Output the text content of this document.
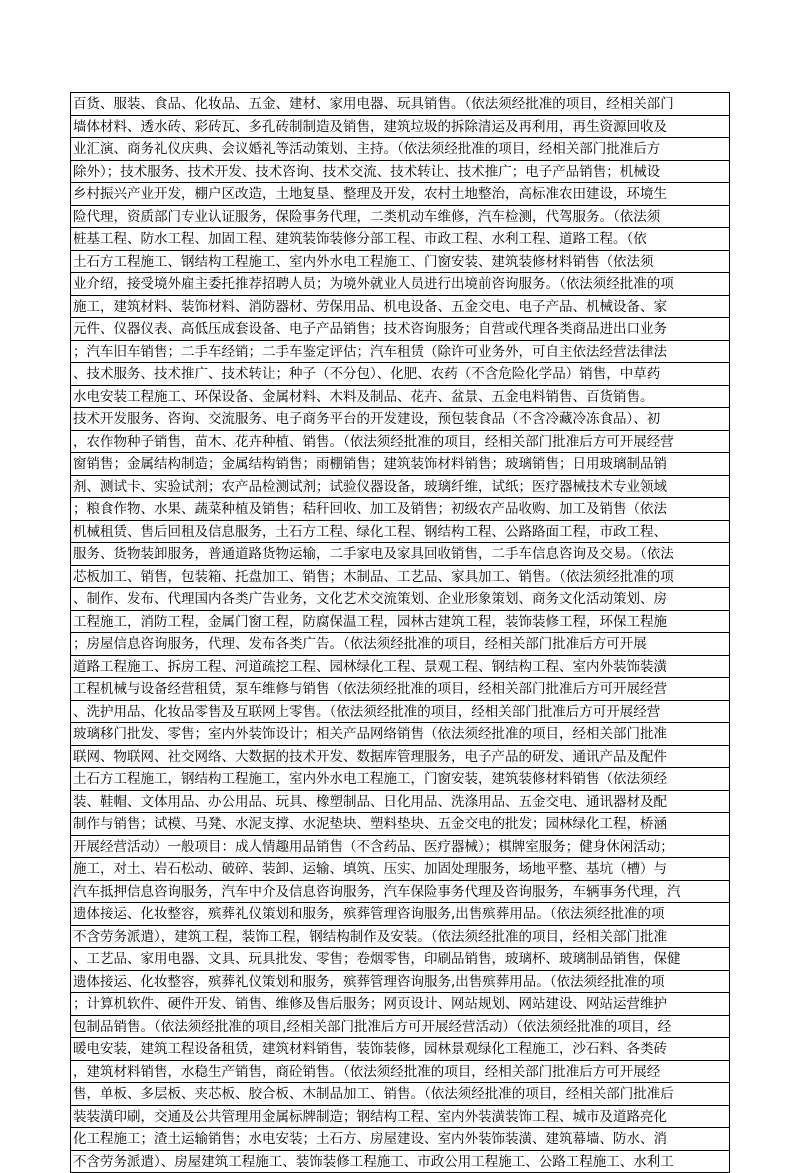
百货、服装、食品、化妆品、五金、建材、家用电器、玩具销售。（依法须经批准的项目，经相关部门
墙体材料、透水砖、彩砖瓦、多孔砖制制造及销售，建筑垃圾的拆除清运及再利用，再生资源回收及
业汇演、商务礼仪庆典、会议婚礼等活动策划、主持。（依法须经批准的项目，经相关部门批准后方
除外）；技术服务、技术开发、技术咨询、技术交流、技术转让、技术推广；电子产品销售；机械设
乡村振兴产业开发，棚户区改造，土地复垦、整理及开发，农村土地整治，高标准农田建设，环境生
险代理，资质部门专业认证服务，保险事务代理，二类机动车维修，汽车检测，代驾服务。（依法须
桩基工程、防水工程、加固工程、建筑装饰装修分部工程、市政工程、水利工程、道路工程。（依
土石方工程施工、钢结构工程施工、室内外水电工程施工、门窗安装、建筑装修材料销售（依法须
业介绍，接受境外雇主委托推荐招聘人员；为境外就业人员进行出境前咨询服务。（依法须经批准的项
施工，建筑材料、装饰材料、消防器材、劳保用品、机电设备、五金交电、电子产品、机械设备、家
元件、仪器仪表、高低压成套设备、电子产品销售；技术咨询服务；自营或代理各类商品进出口业务
；汽车旧车销售；二手车经销；二手车鉴定评估；汽车租赁（除许可业务外，可自主依法经营法律法
、技术服务、技术推广、技术转让；种子（不分包）、化肥、农药（不含危险化学品）销售，中草药
水电安装工程施工、环保设备、金属材料、木料及制品、花卉、盆景、五金电料销售、百货销售。
技术开发服务、咨询、交流服务、电子商务平台的开发建设，预包装食品（不含冷藏冷冻食品）、初
，农作物种子销售，苗木、花卉种植、销售。（依法须经批准的项目，经相关部门批准后方可开展经营
窗销售；金属结构制造；金属结构销售；雨棚销售；建筑装饰材料销售；玻璃销售；日用玻璃制品销
剂、测试卡、实验试剂；农产品检测试剂；试验仪器设备，玻璃纤维，试纸；医疗器械技术专业领域
；粮食作物、水果、蔬菜种植及销售；秸秆回收、加工及销售；初级农产品收购、加工及销售（依法
机械租赁、售后回租及信息服务，土石方工程、绿化工程、钢结构工程、公路路面工程，市政工程、
服务、货物装卸服务，普通道路货物运输，二手家电及家具回收销售，二手车信息咨询及交易。（依法
芯板加工、销售，包装箱、托盘加工、销售；木制品、工艺品、家具加工、销售。（依法须经批准的项
、制作、发布、代理国内各类广告业务，文化艺术交流策划、企业形象策划、商务文化活动策划、房
工程施工，消防工程，金属门窗工程，防腐保温工程，园林古建筑工程，装饰装修工程，环保工程施
；房屋信息咨询服务，代理、发布各类广告。（依法须经批准的项目，经相关部门批准后方可开展
道路工程施工、拆房工程、河道疏挖工程、园林绿化工程、景观工程、钢结构工程、室内外装饰装潢
工程机械与设备经营租赁，泵车维修与销售（依法须经批准的项目，经相关部门批准后方可开展经营
、洗护用品、化妆品零售及互联网上零售。（依法须经批准的项目，经相关部门批准后方可开展经营
玻璃移门批发、零售；室内外装饰设计；相关产品网络销售（依法须经批准的项目，经相关部门批准
联网、物联网、社交网络、大数据的技术开发、数据库管理服务，电子产品的研发、通讯产品及配件
土石方工程施工，钢结构工程施工，室内外水电工程施工，门窗安装，建筑装修材料销售（依法须经
装、鞋帽、文体用品、办公用品、玩具、橡塑制品、日化用品、洗涤用品、五金交电、通讯器材及配
制作与销售；试模、马凳、水泥支撑、水泥垫块、塑料垫块、五金交电的批发；园林绿化工程，桥涵
开展经营活动）一般项目：成人情趣用品销售（不含药品、医疗器械）；棋牌室服务；健身休闲活动；
施工，对土、岩石松动、破碎、装卸、运输、填筑、压实、加固处理服务，场地平整、基坑（槽）与
汽车抵押信息咨询服务，汽车中介及信息咨询服务，汽车保险事务代理及咨询服务，车辆事务代理，汽
遗体接运、化妆整容，殡葬礼仪策划和服务，殡葬管理咨询服务,出售殡葬用品。（依法须经批准的项
不含劳务派遣），建筑工程，装饰工程，钢结构制作及安装。（依法须经批准的项目，经相关部门批准
、工艺品、家用电器、文具、玩具批发、零售；卷烟零售，印刷品销售，玻璃杯、玻璃制品销售，保健
遗体接运、化妆整容，殡葬礼仪策划和服务，殡葬管理咨询服务,出售殡葬用品。（依法须经批准的项
；计算机软件、硬件开发、销售、维修及售后服务；网页设计、网站规划、网站建设、网站运营维护
包制品销售。（依法须经批准的项目,经相关部门批准后方可开展经营活动）（依法须经批准的项目，经
暖电安装，建筑工程设备租赁，建筑材料销售，装饰装修，园林景观绿化工程施工，沙石料、各类砖
，建筑材料销售，水稳生产销售，商砼销售。（依法须经批准的项目，经相关部门批准后方可开展经
售，单板、多层板、夹芯板、胶合板、木制品加工、销售。（依法须经批准的项目，经相关部门批准后
装装潢印刷，交通及公共管理用金属标牌制造；钢结构工程、室内外装潢装饰工程、城市及道路亮化
化工程施工；渣土运输销售；水电安装；土石方、房屋建设、室内外装饰装潢、建筑幕墙、防水、消
不含劳务派遣）、房屋建筑工程施工、装饰装修工程施工、市政公用工程施工、公路工程施工、水利工
